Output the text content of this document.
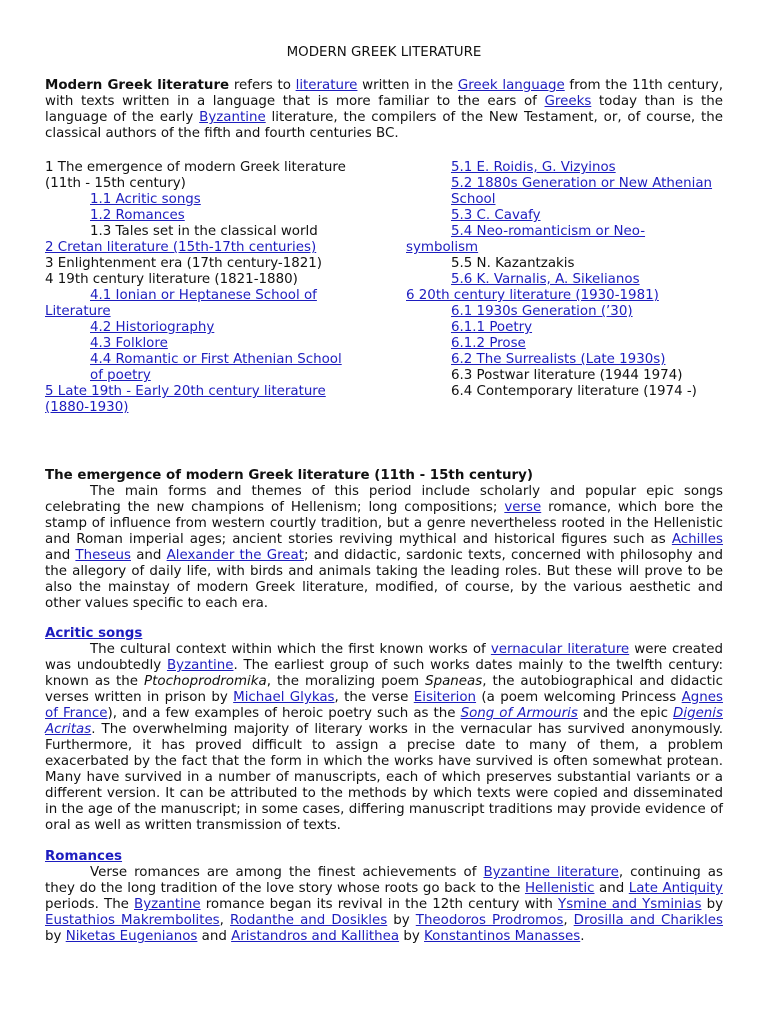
MODERN GREEK LITERATURE
Modern Greek literature refers to literature written in the Greek language from the 11th century, with texts written in a language that is more familiar to the ears of Greeks today than is the language of the early Byzantine literature, the compilers of the New Testament, or, of course, the classical authors of the fifth and fourth centuries BC.
1 The emergence of modern Greek literature
(11th - 15th century)
1.1 Acritic songs
1.2 Romances
1.3 Tales set in the classical world
2 Cretan literature (15th-17th centuries)
3 Enlightenment era (17th century-1821)
4 19th century literature (1821-1880)
4.1 Ionian or Heptanese School of
Literature
4.2 Historiography
4.3 Folklore
4.4 Romantic or First Athenian School
of poetry
5 Late 19th - Early 20th century literature
(1880-1930)
5.1 E. Roidis, G. Vizyinos
5.2 1880s Generation or New Athenian
School
5.3 C. Cavafy
5.4 Neo-romanticism or Neo-
symbolism
5.5 N. Kazantzakis
5.6 K. Varnalis, A. Sikelianos
6 20th century literature (1930-1981)
6.1 1930s Generation (’30)
6.1.1 Poetry
6.1.2 Prose
6.2 The Surrealists (Late 1930s)
6.3 Postwar literature (1944 1974)
6.4 Contemporary literature (1974 -)
The emergence of modern Greek literature (11th - 15th century)
The main forms and themes of this period include scholarly and popular epic songs celebrating the new champions of Hellenism; long compositions; verse romance, which bore the stamp of influence from western courtly tradition, but a genre nevertheless rooted in the Hellenistic and Roman imperial ages; ancient stories reviving mythical and historical figures such as Achilles and Theseus and Alexander the Great; and didactic, sardonic texts, concerned with philosophy and the allegory of daily life, with birds and animals taking the leading roles. But these will prove to be also the mainstay of modern Greek literature, modified, of course, by the various aesthetic and other values specific to each era.
Acritic songs
The cultural context within which the first known works of vernacular literature were created was undoubtedly Byzantine. The earliest group of such works dates mainly to the twelfth century: known as the Ptochoprodromika, the moralizing poem Spaneas, the autobiographical and didactic verses written in prison by Michael Glykas, the verse Eisiterion (a poem welcoming Princess Agnes of France), and a few examples of heroic poetry such as the Song of Armouris and the epic Digenis Acritas. The overwhelming majority of literary works in the vernacular has survived anonymously. Furthermore, it has proved difficult to assign a precise date to many of them, a problem exacerbated by the fact that the form in which the works have survived is often somewhat protean. Many have survived in a number of manuscripts, each of which preserves substantial variants or a different version. It can be attributed to the methods by which texts were copied and disseminated in the age of the manuscript; in some cases, differing manuscript traditions may provide evidence of oral as well as written transmission of texts.
Romances
Verse romances are among the finest achievements of Byzantine literature, continuing as they do the long tradition of the love story whose roots go back to the Hellenistic and Late Antiquity periods. The Byzantine romance began its revival in the 12th century with Ysmine and Ysminias by Eustathios Makrembolites, Rodanthe and Dosikles by Theodoros Prodromos, Drosilla and Charikles by Niketas Eugenianos and Aristandros and Kallithea by Konstantinos Manasses.
